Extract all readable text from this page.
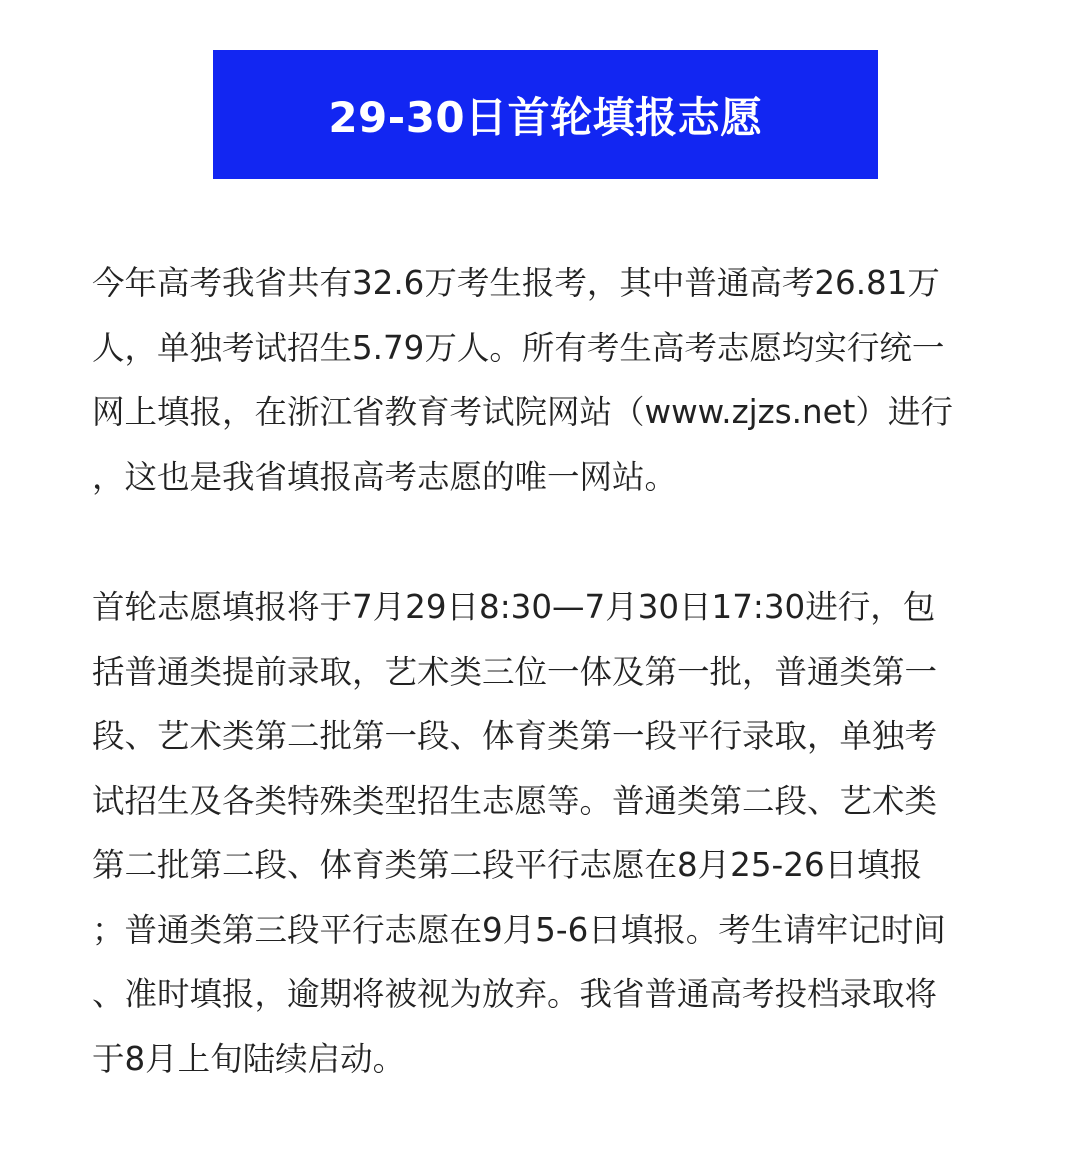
29-30日首轮填报志愿
今年高考我省共有32.6万考生报考，其中普通高考26.81万
人，单独考试招生5.79万人。所有考生高考志愿均实行统一
网上填报，在浙江省教育考试院网站（www.zjzs.net）进行
，这也是我省填报高考志愿的唯一网站。
首轮志愿填报将于7月29日8:30—7月30日17:30进行，包
括普通类提前录取，艺术类三位一体及第一批，普通类第一
段、艺术类第二批第一段、体育类第一段平行录取，单独考
试招生及各类特殊类型招生志愿等。普通类第二段、艺术类
第二批第二段、体育类第二段平行志愿在8月25-26日填报
；普通类第三段平行志愿在9月5-6日填报。考生请牢记时间
、准时填报，逾期将被视为放弃。我省普通高考投档录取将
于8月上旬陆续启动。
